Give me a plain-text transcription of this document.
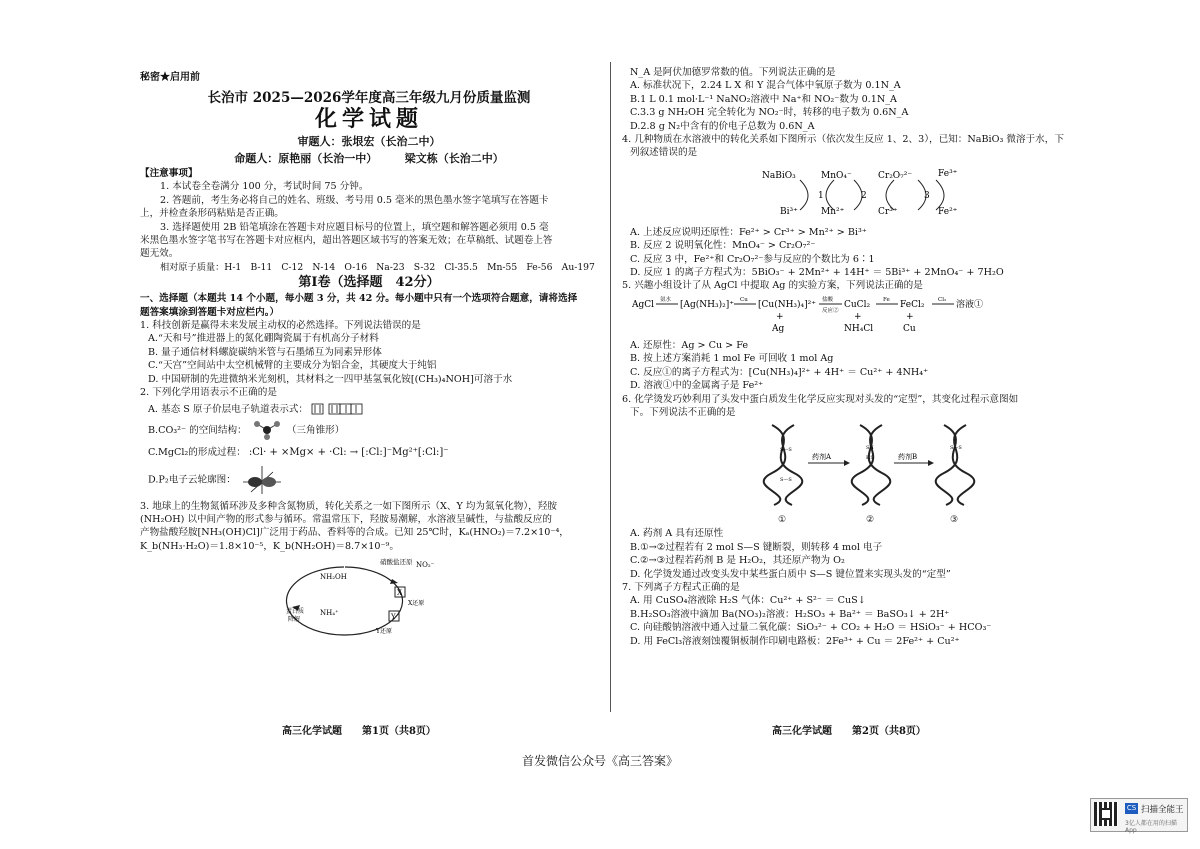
秘密★启用前
长治市 2025—2026学年度高三年级九月份质量监测
化学试题
审题人：张垠宏（长治二中）
命题人：原艳丽（长治一中）　　　梁文栋（长治二中）
【注意事项】
1. 本试卷全卷满分 100 分，考试时间 75 分钟。
2. 答题前，考生务必将自己的姓名、班级、考号用 0.5 毫米的黑色墨水签字笔填写在答题卡
上，并检查条形码粘贴是否正确。
3. 选择题使用 2B 铅笔填涂在答题卡对应题目标号的位置上，填空题和解答题必须用 0.5 毫
米黑色墨水签字笔书写在答题卡对应框内，超出答题区域书写的答案无效；在草稿纸、试题卷上答
题无效。
相对原子质量：H-1　B-11　C-12　N-14　O-16　Na-23　S-32　Cl-35.5　Mn-55　Fe-56　Au-197
第Ⅰ卷（选择题　42分）
一、选择题（本题共 14 个小题，每小题 3 分，共 42 分。每小题中只有一个选项符合题意，请将选择
题答案填涂到答题卡对应栏内。）
1. 科技创新是赢得未来发展主动权的必然选择。下列说法错误的是
A.“天和号”推进器上的氮化硼陶瓷属于有机高分子材料
B. 量子通信材料螺旋碳纳米管与石墨烯互为同素异形体
C.“天宫”空间站中太空机械臂的主要成分为铝合金，其硬度大于纯铝
D. 中国研制的先进微纳米光刻机，其材料之一四甲基氢氧化铵[(CH₃)₄NOH]可溶于水
2. 下列化学用语表示不正确的是
A. 基态 S 原子价层电子轨道表示式：
B.CO₃²⁻ 的空间结构：	（三角锥形）
C.MgCl₂的形成过程： :Cl· + ×Mg× + ·Cl: → [:Cl:]⁻Mg²⁺[:Cl:]⁻
D.P₂电子云轮廓图：
3. 地球上的生物氮循环涉及多种含氮物质，转化关系之一如下图所示（X、Y 均为氮氧化物），羟胺
(NH₂OH) 以中间产物的形式参与循环。常温常压下，羟胺易潮解，水溶液呈碱性，与盐酸反应的
产物盐酸羟胺[NH₃(OH)Cl]广泛用于药品、香料等的合成。已知 25℃时，Kₐ(HNO₂)＝7.2×10⁻⁴，
K_b(NH₃·H₂O)＝1.8×10⁻⁵，K_b(NH₂OH)＝8.7×10⁻⁹。
硝酸盐还原 NO₂⁻
NH₂OH
X
X还原
Y
Y还原
NH₄⁺
蛋白质
降解
N_A 是阿伏加德罗常数的值。下列说法正确的是
A. 标准状况下，2.24 L X 和 Y 混合气体中氧原子数为 0.1N_A
B.1 L 0.1 mol·L⁻¹ NaNO₂溶液中 Na⁺和 NO₂⁻数为 0.1N_A
C.3.3 g NH₂OH 完全转化为 NO₂⁻时，转移的电子数为 0.6N_A
D.2.8 g N₂中含有的价电子总数为 0.6N_A
4. 几种物质在水溶液中的转化关系如下图所示（依次发生反应 1、2、3），已知：NaBiO₃ 微溶于水，下
列叙述错误的是
NaBiO₃
Bi³⁺
MnO₄⁻
Mn²⁺
1
Cr₂O₇²⁻
Cr³⁺
2	3
Fe³⁺
Fe²⁺
A. 上述反应说明还原性：Fe²⁺ > Cr³⁺ > Mn²⁺ > Bi³⁺
B. 反应 2 说明氧化性：MnO₄⁻ > Cr₂O₇²⁻
C. 反应 3 中，Fe²⁺和 Cr₂O₇²⁻参与反应的个数比为 6∶1
D. 反应 1 的离子方程式为：5BiO₃⁻ + 2Mn²⁺ + 14H⁺ ＝ 5Bi³⁺ + 2MnO₄⁻ + 7H₂O
5. 兴趣小组设计了从 AgCl 中提取 Ag 的实验方案，下列说法正确的是
AgCl 氨水 [Ag(NH₃)₂]⁺ Cu [Cu(NH₃)₄]²⁺ 盐酸
反应②
CuCl₂ Fe FeCl₂ Cl₂ 溶液①
+
Ag
+
NH₄Cl
+
Cu
A. 还原性：Ag > Cu > Fe
B. 按上述方案消耗 1 mol Fe 可回收 1 mol Ag
C. 反应①的离子方程式为：[Cu(NH₃)₄]²⁺ + 4H⁺ ＝ Cu²⁺ + 4NH₄⁺
D. 溶液①中的金属离子是 Fe²⁺
6. 化学烫发巧妙利用了头发中蛋白质发生化学反应实现对头发的“定型”，其变化过程示意图如
下。下列说法不正确的是
S—S
S—S
SH
HS
S—S
药剂A	药剂B
①	②	③
A. 药剂 A 具有还原性
B.①→②过程若有 2 mol S—S 键断裂，则转移 4 mol 电子
C.②→③过程若药剂 B 是 H₂O₂，其还原产物为 O₂
D. 化学烫发通过改变头发中某些蛋白质中 S—S 键位置来实现头发的“定型”
7. 下列离子方程式正确的是
A. 用 CuSO₄溶液除 H₂S 气体：Cu²⁺ + S²⁻ ＝ CuS↓
B.H₂SO₃溶液中滴加 Ba(NO₃)₂溶液：H₂SO₃ + Ba²⁺ ＝ BaSO₃↓ + 2H⁺
C. 向硅酸钠溶液中通入过量二氧化碳：SiO₃²⁻ + CO₂ + H₂O ＝ HSiO₃⁻ + HCO₃⁻
D. 用 FeCl₃溶液刻蚀覆铜板制作印刷电路板：2Fe³⁺ + Cu ＝ 2Fe²⁺ + Cu²⁺
高三化学试题　　第1页（共8页）	高三化学试题　　第2页（共8页）
首发微信公众号《高三答案》
CS 扫描全能王
3亿人都在用的扫描App
